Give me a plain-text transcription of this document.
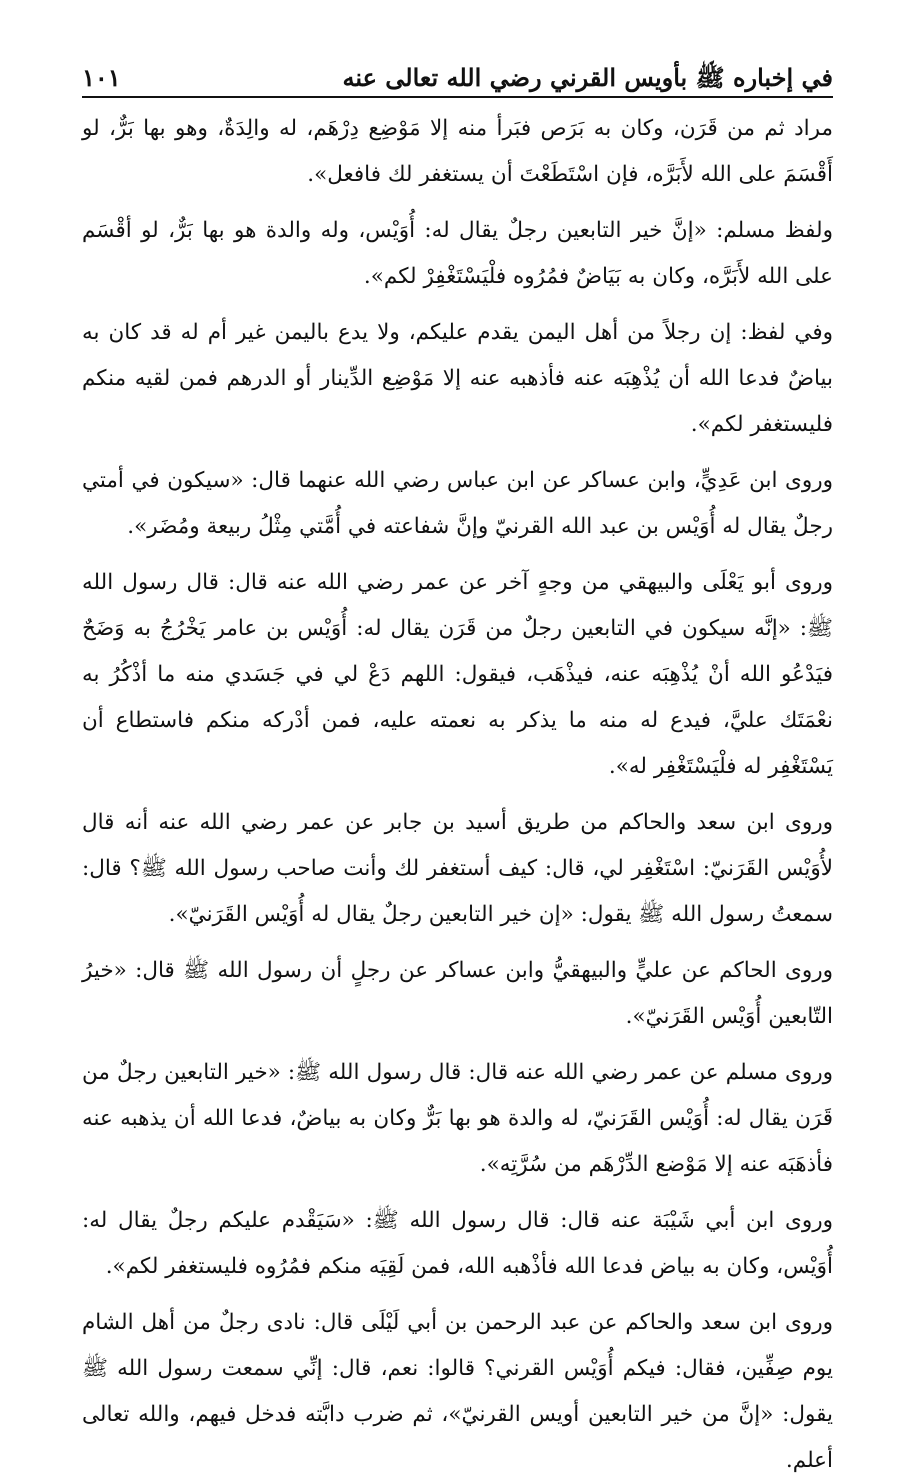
في إخباره ﷺ بأويس القرني رضي الله تعالى عنه
١٠١

مراد ثم من قَرَن، وكان به بَرَص فبَرأ منه إلا مَوْضِع دِرْهَم، له والِدَةٌ، وهو بها بَرٌّ، لو أَقْسَمَ على الله لأَبَرَّه، فإن اسْتَطَعْتَ أن يستغفر لك فافعل».

ولفظ مسلم: «إنَّ خير التابعين رجلٌ يقال له: أُوَيْس، وله والدة هو بها بَرٌّ، لو أقْسَم على الله لأَبَرَّه، وكان به بَيَاضٌ فمُرُوه فلْيَسْتَغْفِرْ لكم».

وفي لفظ: إن رجلاً من أهل اليمن يقدم عليكم، ولا يدع باليمن غير أم له قد كان به بياضٌ فدعا الله أن يُذْهِبَه عنه فأذهبه عنه إلا مَوْضِع الدِّينار أو الدرهم فمن لقيه منكم فليستغفر لكم».

وروى ابن عَدِيٍّ، وابن عساكر عن ابن عباس رضي الله عنهما قال: «سيكون في أمتي رجلٌ يقال له أُوَيْس بن عبد الله القرنيّ وإنَّ شفاعته في أُمَّتي مِثْلُ ربيعة ومُضَر».

وروى أبو يَعْلَى والبيهقي من وجهٍ آخر عن عمر رضي الله عنه قال: قال رسول الله ﷺ: «إنَّه سيكون في التابعين رجلٌ من قَرَن يقال له: أُوَيْس بن عامر يَخْرُجُ به وَضَحٌ فيَدْعُو الله أنْ يُذْهِبَه عنه، فيذْهَب، فيقول: اللهم دَعْ لي في جَسَدي منه ما أذْكُرُ به نعْمَتَك عليَّ، فيدع له منه ما يذكر به نعمته عليه، فمن أدْركه منكم فاستطاع أن يَسْتَغْفِر له فلْيَسْتَغْفِر له».

وروى ابن سعد والحاكم من طريق أسيد بن جابر عن عمر رضي الله عنه أنه قال لأُوَيْس القَرَنيّ: اسْتَغْفِر لي، قال: كيف أستغفر لك وأنت صاحب رسول الله ﷺ؟ قال: سمعتُ رسول الله ﷺ يقول: «إن خير التابعين رجلٌ يقال له أُوَيْس القَرَنيّ».

وروى الحاكم عن عليٍّ والبيهقيُّ وابن عساكر عن رجلٍ أن رسول الله ﷺ قال: «خيرُ التّابعين أُوَيْس القَرَنيّ».

وروى مسلم عن عمر رضي الله عنه قال: قال رسول الله ﷺ: «خير التابعين رجلٌ من قَرَن يقال له: أُوَيْس القَرَنيّ، له والدة هو بها بَرٌّ وكان به بياضٌ، فدعا الله أن يذهبه عنه فأذهَبَه عنه إلا مَوْضع الدِّرْهَم من سُرَّتِه».

وروى ابن أبي شَيْبَة عنه قال: قال رسول الله ﷺ: «سَيَقْدم عليكم رجلٌ يقال له: أُوَيْس، وكان به بياض فدعا الله فأذْهبه الله، فمن لَقِيَه منكم فمُرُوه فليستغفر لكم».

وروى ابن سعد والحاكم عن عبد الرحمن بن أبي لَيْلَى قال: نادى رجلٌ من أهل الشام يوم صِفِّين، فقال: فيكم أُوَيْس القرني؟ قالوا: نعم، قال: إنِّي سمعت رسول الله ﷺ يقول: «إنَّ من خير التابعين أويس القرنيّ»، ثم ضرب دابَّته فدخل فيهم، والله تعالى أعلم.
